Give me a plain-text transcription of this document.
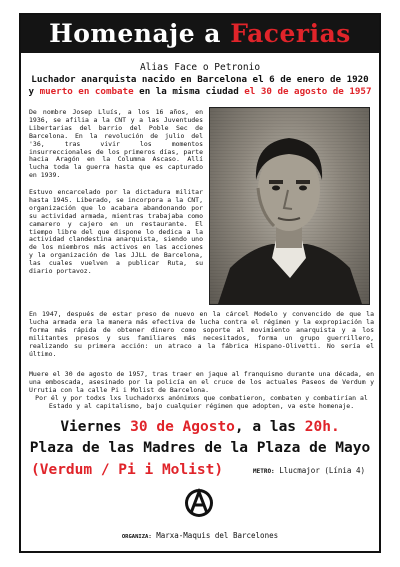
Homenaje a Facerias
Alias Face o Petronio
Luchador anarquista nacido en Barcelona el 6 de enero de 1920
y muerto en combate en la misma ciudad el 30 de agosto de 1957
De nombre Josep Lluís, a los 16 años, en 1936, se afilia a la CNT y a las Juventudes Libertarias del barrio del Poble Sec de Barcelona. En la revolución de julio del '36, tras vivir los momentos insurreccionales de los primeros días, parte hacia Aragón en la Columna Ascaso. Allí lucha toda la guerra hasta que es capturado en 1939.
Estuvo encarcelado por la dictadura militar hasta 1945. Liberado, se incorpora a la CNT, organización que lo acabara abandonando por su actividad armada, mientras trabajaba como camarero y cajero en un restaurante. El tiempo libre del que dispone lo dedica a la actividad clandestina anarquista, siendo uno de los miembros más activos en las acciones y la organización de las JJLL de Barcelona, las cuales vuelven a publicar Ruta, su diario portavoz.
En 1947, después de estar preso de nuevo en la cárcel Modelo y convencido de que la lucha armada era la manera más efectiva de lucha contra el régimen y la expropiación la forma más rápida de obtener dinero como soporte al movimiento anarquista y a los militantes presos y sus familiares más necesitados, forma un grupo guerrillero, realizando su primera acción: un atraco a la fábrica Hispano-Olivetti. No sería el último.
Muere el 30 de agosto de 1957, tras traer en jaque al franquismo durante una década, en una emboscada, asesinado por la policía en el cruce de los actuales Paseos de Verdum y Urrutia con la calle Pi i Molist de Barcelona.
Por él y por todxs lxs luchadorxs anónimxs que combatieron, combaten y combatirían al Estado y al capitalismo, bajo cualquier régimen que adopten, va este homenaje.
Viernes 30 de Agosto, a las 20h.
Plaza de las Madres de la Plaza de Mayo
(Verdum / Pi i Molist)	METRO: Llucmajor (Línia 4)
ORGANIZA: Marxa-Maquis del Barcelones
